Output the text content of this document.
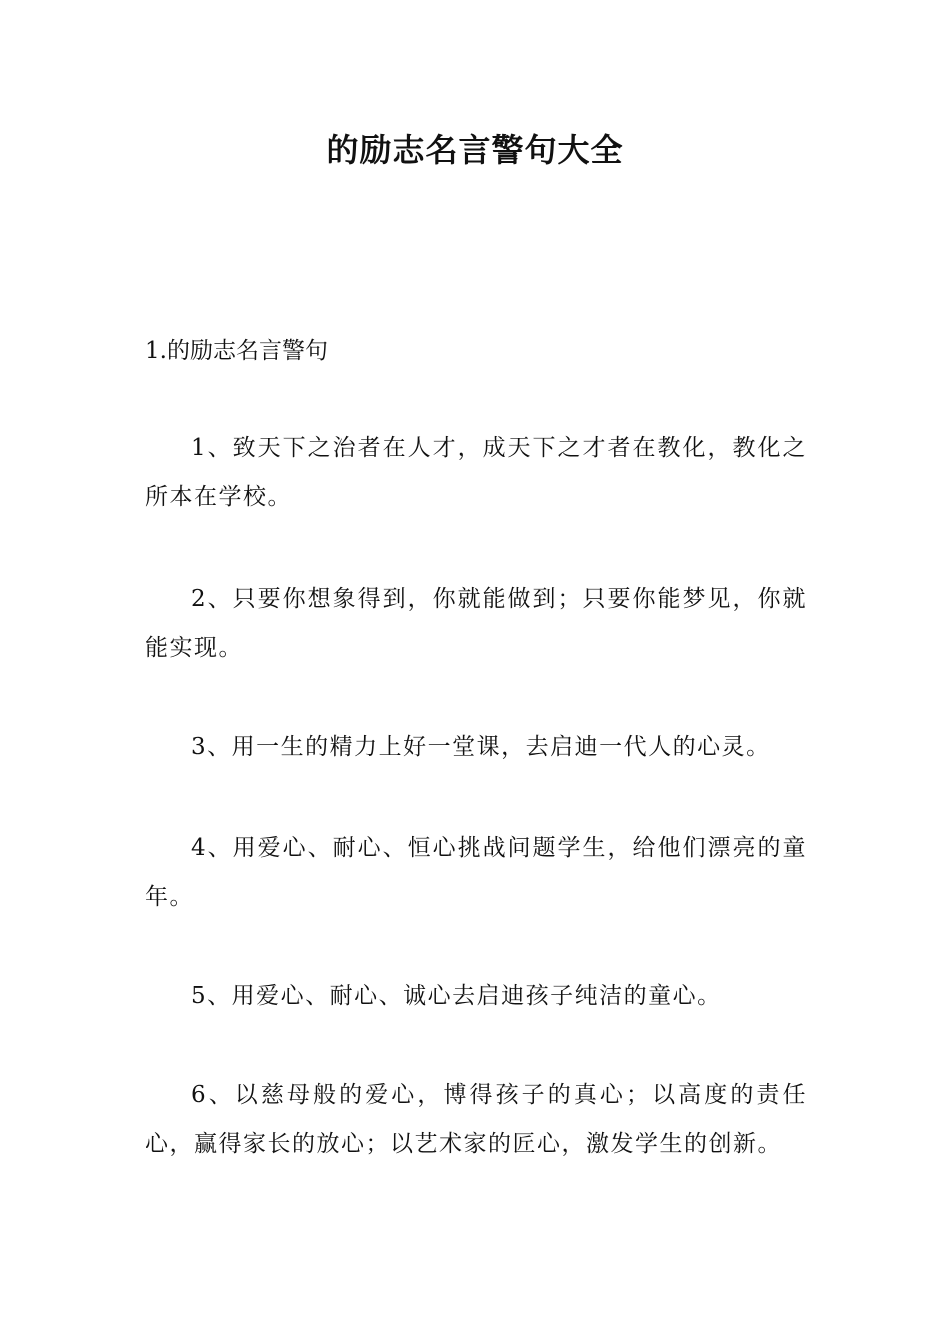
的励志名言警句大全

1.的励志名言警句

1、致天下之治者在人才，成天下之才者在教化，教化之所本在学校。

2、只要你想象得到，你就能做到；只要你能梦见，你就能实现。

3、用一生的精力上好一堂课，去启迪一代人的心灵。

4、用爱心、耐心、恒心挑战问题学生，给他们漂亮的童年。

5、用爱心、耐心、诚心去启迪孩子纯洁的童心。

6、以慈母般的爱心，博得孩子的真心；以高度的责任心，赢得家长的放心；以艺术家的匠心，激发学生的创新。
